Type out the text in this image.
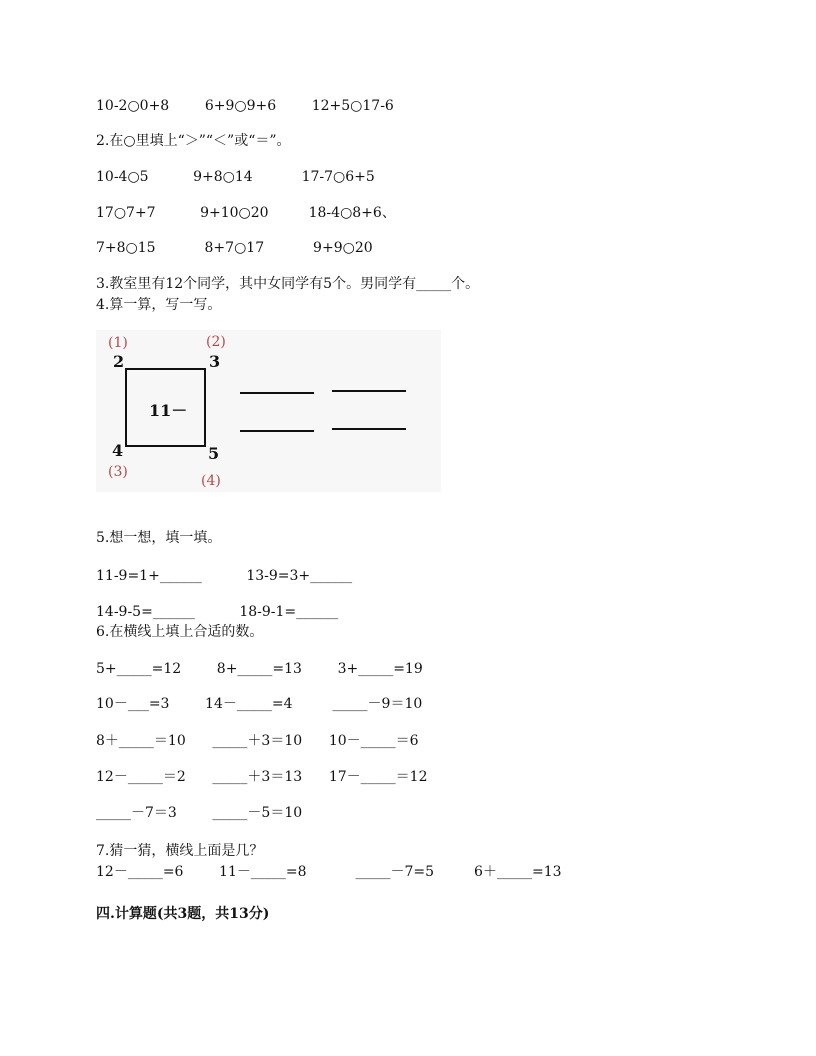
10-2○0+8        6+9○9+6        12+5○17-6
2.在○里填上“＞”“＜”或“＝”。
10-4○5          9+8○14           17-7○6+5
17○7+7          9+10○20         18-4○8+6、
7+8○15           8+7○17           9+9○20
3.教室里有12个同学，其中女同学有5个。男同学有_____个。
4.算一算，写一写。
(1)	(2)
(3)
(4)
2	3
4	5
11－
5.想一想，填一填。
11-9=1+______          13-9=3+______
14-9-5=______          18-9-1=______
6.在横线上填上合适的数。
5+_____=12        8+_____=13        3+_____=19
10－___=3        14－_____=4         _____－9＝10
8＋_____＝10      _____＋3＝10      10－_____＝6
12－_____＝2      _____＋3＝13      17－_____＝12
_____－7＝3        _____－5＝10
7.猜一猜，横线上面是几？
12－_____=6        11－_____=8           _____－7=5         6＋_____=13
四.计算题(共3题，共13分)
